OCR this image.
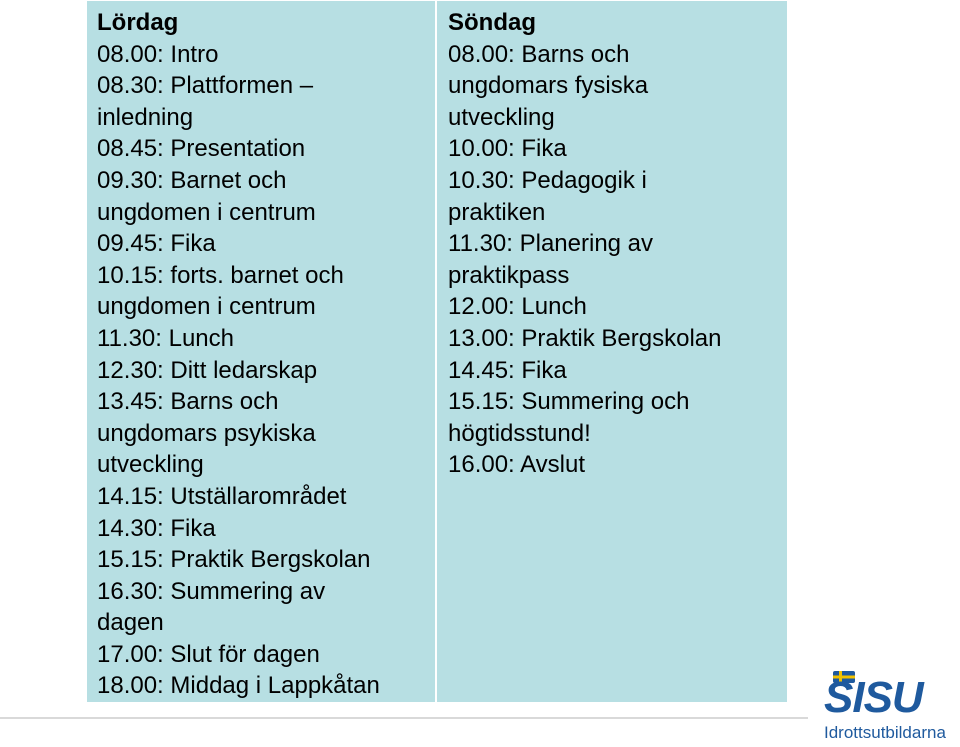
Lördag
08.00: Intro
08.30: Plattformen –
inledning
08.45: Presentation
09.30: Barnet och
ungdomen i centrum
09.45: Fika
10.15: forts. barnet och
ungdomen i centrum
11.30: Lunch
12.30: Ditt ledarskap
13.45: Barns och
ungdomars psykiska
utveckling
14.15: Utställarområdet
14.30: Fika
15.15: Praktik Bergskolan
16.30: Summering av
dagen
17.00: Slut för dagen
18.00: Middag i Lappkåtan
Söndag
08.00: Barns och
ungdomars fysiska
utveckling
10.00: Fika
10.30: Pedagogik i
praktiken
11.30: Planering av
praktikpass
12.00: Lunch
13.00: Praktik Bergskolan
14.45: Fika
15.15: Summering och
högtidsstund!
16.00: Avslut
SISU
Idrottsutbildarna
